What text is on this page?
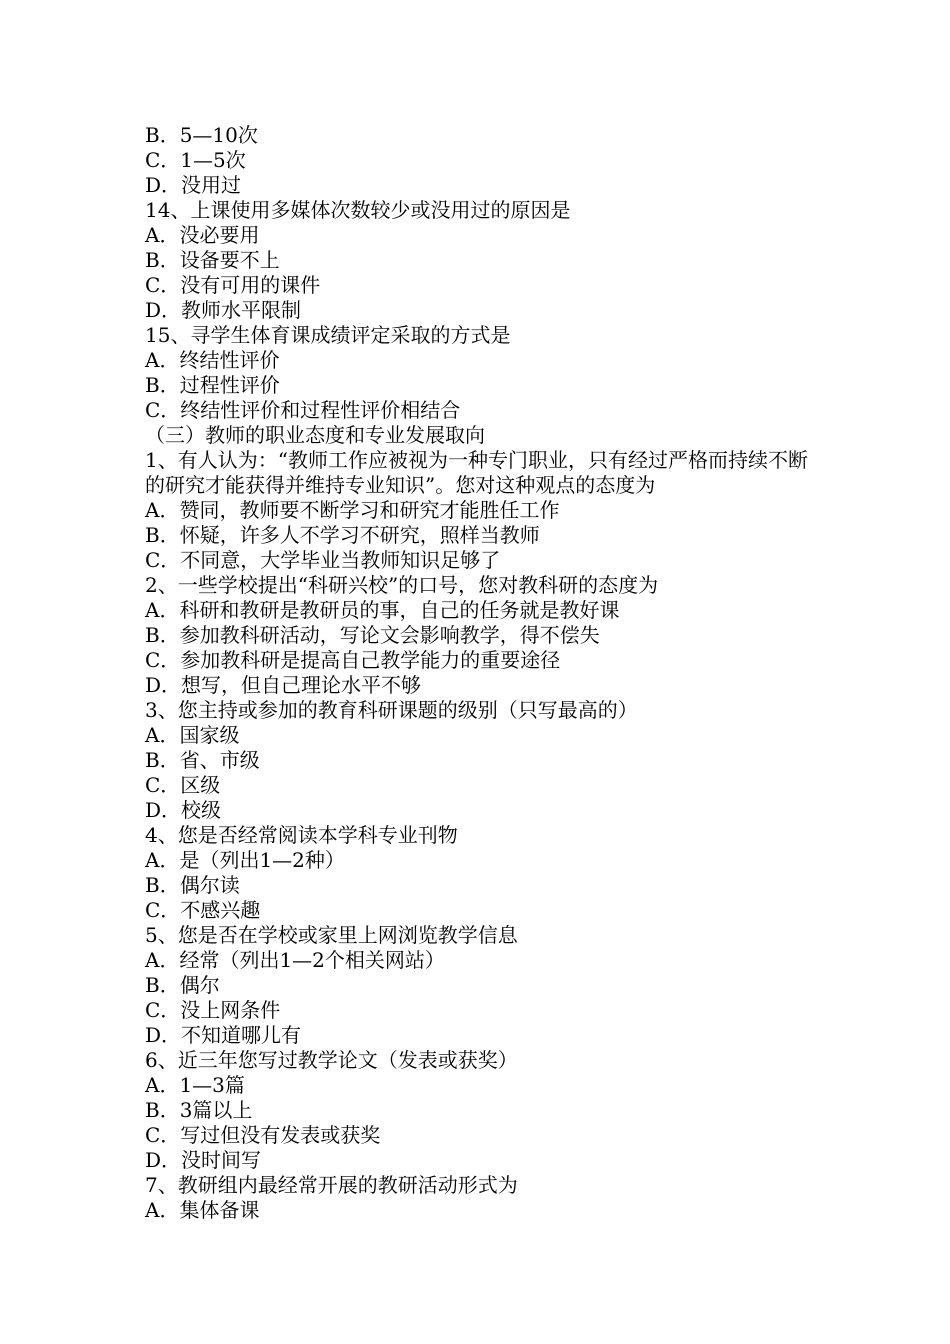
B．5—10次
C．1—5次
D．没用过
14、上课使用多媒体次数较少或没用过的原因是
A．没必要用
B．设备要不上
C．没有可用的课件
D．教师水平限制
15、寻学生体育课成绩评定采取的方式是
A．终结性评价
B．过程性评价
C．终结性评价和过程性评价相结合
（三）教师的职业态度和专业发展取向
1、有人认为：“教师工作应被视为一种专门职业，只有经过严格而持续不断的研究才能获得并维持专业知识”。您对这种观点的态度为
A．赞同，教师要不断学习和研究才能胜任工作
B．怀疑，许多人不学习不研究，照样当教师
C．不同意，大学毕业当教师知识足够了
2、一些学校提出“科研兴校”的口号，您对教科研的态度为
A．科研和教研是教研员的事，自己的任务就是教好课
B．参加教科研活动，写论文会影响教学，得不偿失
C．参加教科研是提高自己教学能力的重要途径
D．想写，但自己理论水平不够
3、您主持或参加的教育科研课题的级别（只写最高的）
A．国家级
B．省、市级
C．区级
D．校级
4、您是否经常阅读本学科专业刊物
A．是（列出1—2种）
B．偶尔读
C．不感兴趣
5、您是否在学校或家里上网浏览教学信息
A．经常（列出1—2个相关网站）
B．偶尔
C．没上网条件
D．不知道哪儿有
6、近三年您写过教学论文（发表或获奖）
A．1—3篇
B．3篇以上
C．写过但没有发表或获奖
D．没时间写
7、教研组内最经常开展的教研活动形式为
A．集体备课
